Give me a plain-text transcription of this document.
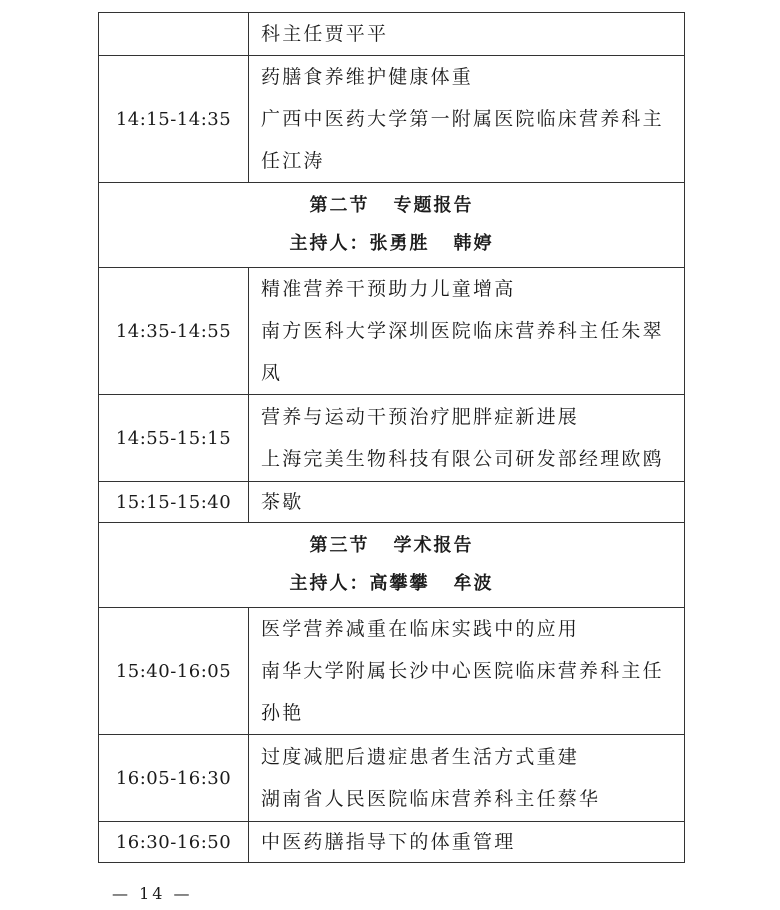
	科主任贾平平

14:15-14:35	药膳食养维护健康体重
广西中医药大学第一附属医院临床营养科主
任江涛

第二节 专题报告
主持人：张勇胜 韩婷	

14:35-14:55	精准营养干预助力儿童增高
南方医科大学深圳医院临床营养科主任朱翠
凤

14:55-15:15	营养与运动干预治疗肥胖症新进展
上海完美生物科技有限公司研发部经理欧鸥

15:15-15:40	茶歇

第三节 学术报告
主持人：高攀攀 牟波	

15:40-16:05	医学营养减重在临床实践中的应用
南华大学附属长沙中心医院临床营养科主任
孙艳

16:05-16:30	过度减肥后遗症患者生活方式重建
湖南省人民医院临床营养科主任蔡华

16:30-16:50	中医药膳指导下的体重管理
— 14 —
